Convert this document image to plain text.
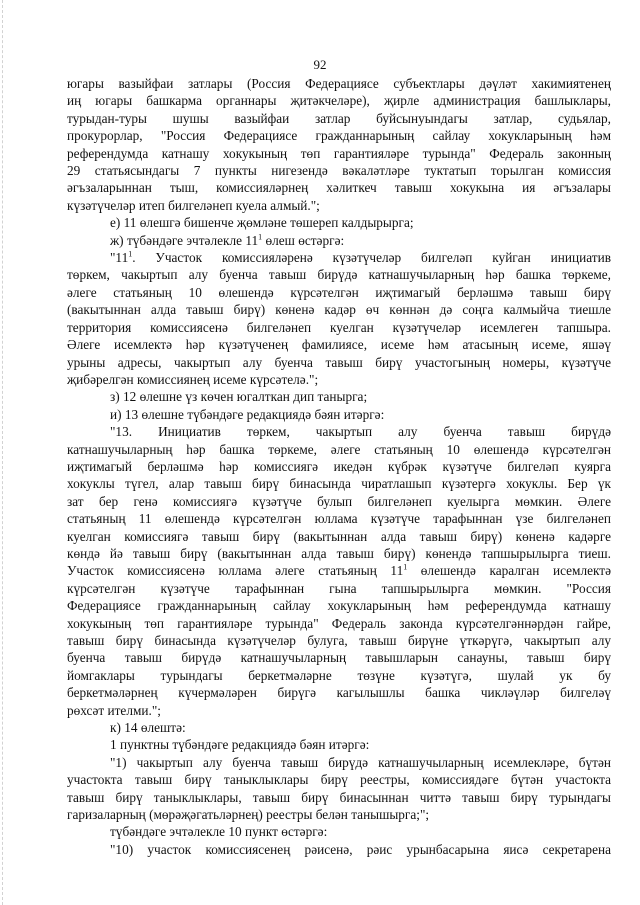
92
югары вазыйфаи затлары (Россия Федерациясе субъектлары дәүләт хакимиятенең
иң югары башкарма органнары җитәкчеләре), җирле администрация башлыклары,
турыдан-туры шушы вазыйфаи затлар буйсынуындагы затлар, судьялар,
прокурорлар, "Россия Федерациясе гражданнарының сайлау хокукларының һәм
референдумда катнашу хокукының төп гарантияләре турында" Федераль законның
29 статьясындагы 7 пункты нигезендә вәкаләтләре туктатып торылган комиссия
әгъзаларыннан тыш, комиссияләрнең хәлиткеч тавыш хокукына ия әгъзалары
күзәтүчеләр итеп билгеләнеп куела алмый.";
е) 11 өлешгә бишенче җөмләне төшереп калдырырга;
ж) түбәндәге эчтәлекле $11^1$ өлеш өстәргә:
"$11^1$. Участок комиссияләренә күзәтүчеләр билгеләп куйган инициатив
төркем, чакыртып алу буенча тавыш бирүдә катнашучыларның һәр башка төркеме,
әлеге статьяның 10 өлешендә күрсәтелгән иҗтимагый берләшмә тавыш бирү
(вакытыннан алда тавыш бирү) көненә кадәр өч көннән дә соңга калмыйча тиешле
территория комиссиясенә билгеләнеп куелган күзәтүчеләр исемлеген тапшыра.
Әлеге исемлектә һәр күзәтүченең фамилиясе, исеме һәм атасының исеме, яшәү
урыны адресы, чакыртып алу буенча тавыш бирү участогының номеры, күзәтүче
җибәрелгән комиссиянең исеме күрсәтелә.";
з) 12 өлешне үз көчен югалткан дип танырга;
и) 13 өлешне түбәндәге редакциядә бәян итәргә:
"13. Инициатив төркем, чакыртып алу буенча тавыш бирүдә
катнашучыларның һәр башка төркеме, әлеге статьяның 10 өлешендә күрсәтелгән
иҗтимагый берләшмә һәр комиссиягә икедән күбрәк күзәтүче билгеләп куярга
хокуклы түгел, алар тавыш бирү бинасында чиратлашып күзәтергә хокуклы. Бер үк
зат бер генә комиссиягә күзәтүче булып билгеләнеп куелырга мөмкин. Әлеге
статьяның 11 өлешендә күрсәтелгән юллама күзәтүче тарафыннан үзе билгеләнеп
куелган комиссиягә тавыш бирү (вакытыннан алда тавыш бирү) көненә кадәрге
көндә йә тавыш бирү (вакытыннан алда тавыш бирү) көнендә тапшырылырга тиеш.
Участок комиссиясенә юллама әлеге статьяның $11^1$ өлешендә каралган исемлектә
күрсәтелгән күзәтүче тарафыннан гына тапшырылырга мөмкин. "Россия
Федерациясе гражданнарының сайлау хокукларының һәм референдумда катнашу
хокукының төп гарантияләре турында" Федераль законда күрсәтелгәннәрдән гайре,
тавыш бирү бинасында күзәтүчеләр булуга, тавыш бирүне үткәрүгә, чакыртып алу
буенча тавыш бирүдә катнашучыларның тавышларын санауны, тавыш бирү
йомгаклары турындагы беркетмәләрне төзүне күзәтүгә, шулай ук бу
беркетмәләрнең күчермәләрен бирүгә кагылышлы башка чикләүләр билгеләү
рөхсәт ителми.";
к) 14 өлештә:
1 пунктны түбәндәге редакциядә бәян итәргә:
"1) чакыртып алу буенча тавыш бирүдә катнашучыларның исемлекләре, бүтән
участокта тавыш бирү таныклыклары бирү реестры, комиссиядәге бүтән участокта
тавыш бирү таныклыклары, тавыш бирү бинасыннан читтә тавыш бирү турындагы
гаризаларның (мөрәҗәгатьләрнең) реестры белән танышырга;";
түбәндәге эчтәлекле 10 пункт өстәргә:
"10) участок комиссиясенең рәисенә, рәис урынбасарына яисә секретарена
